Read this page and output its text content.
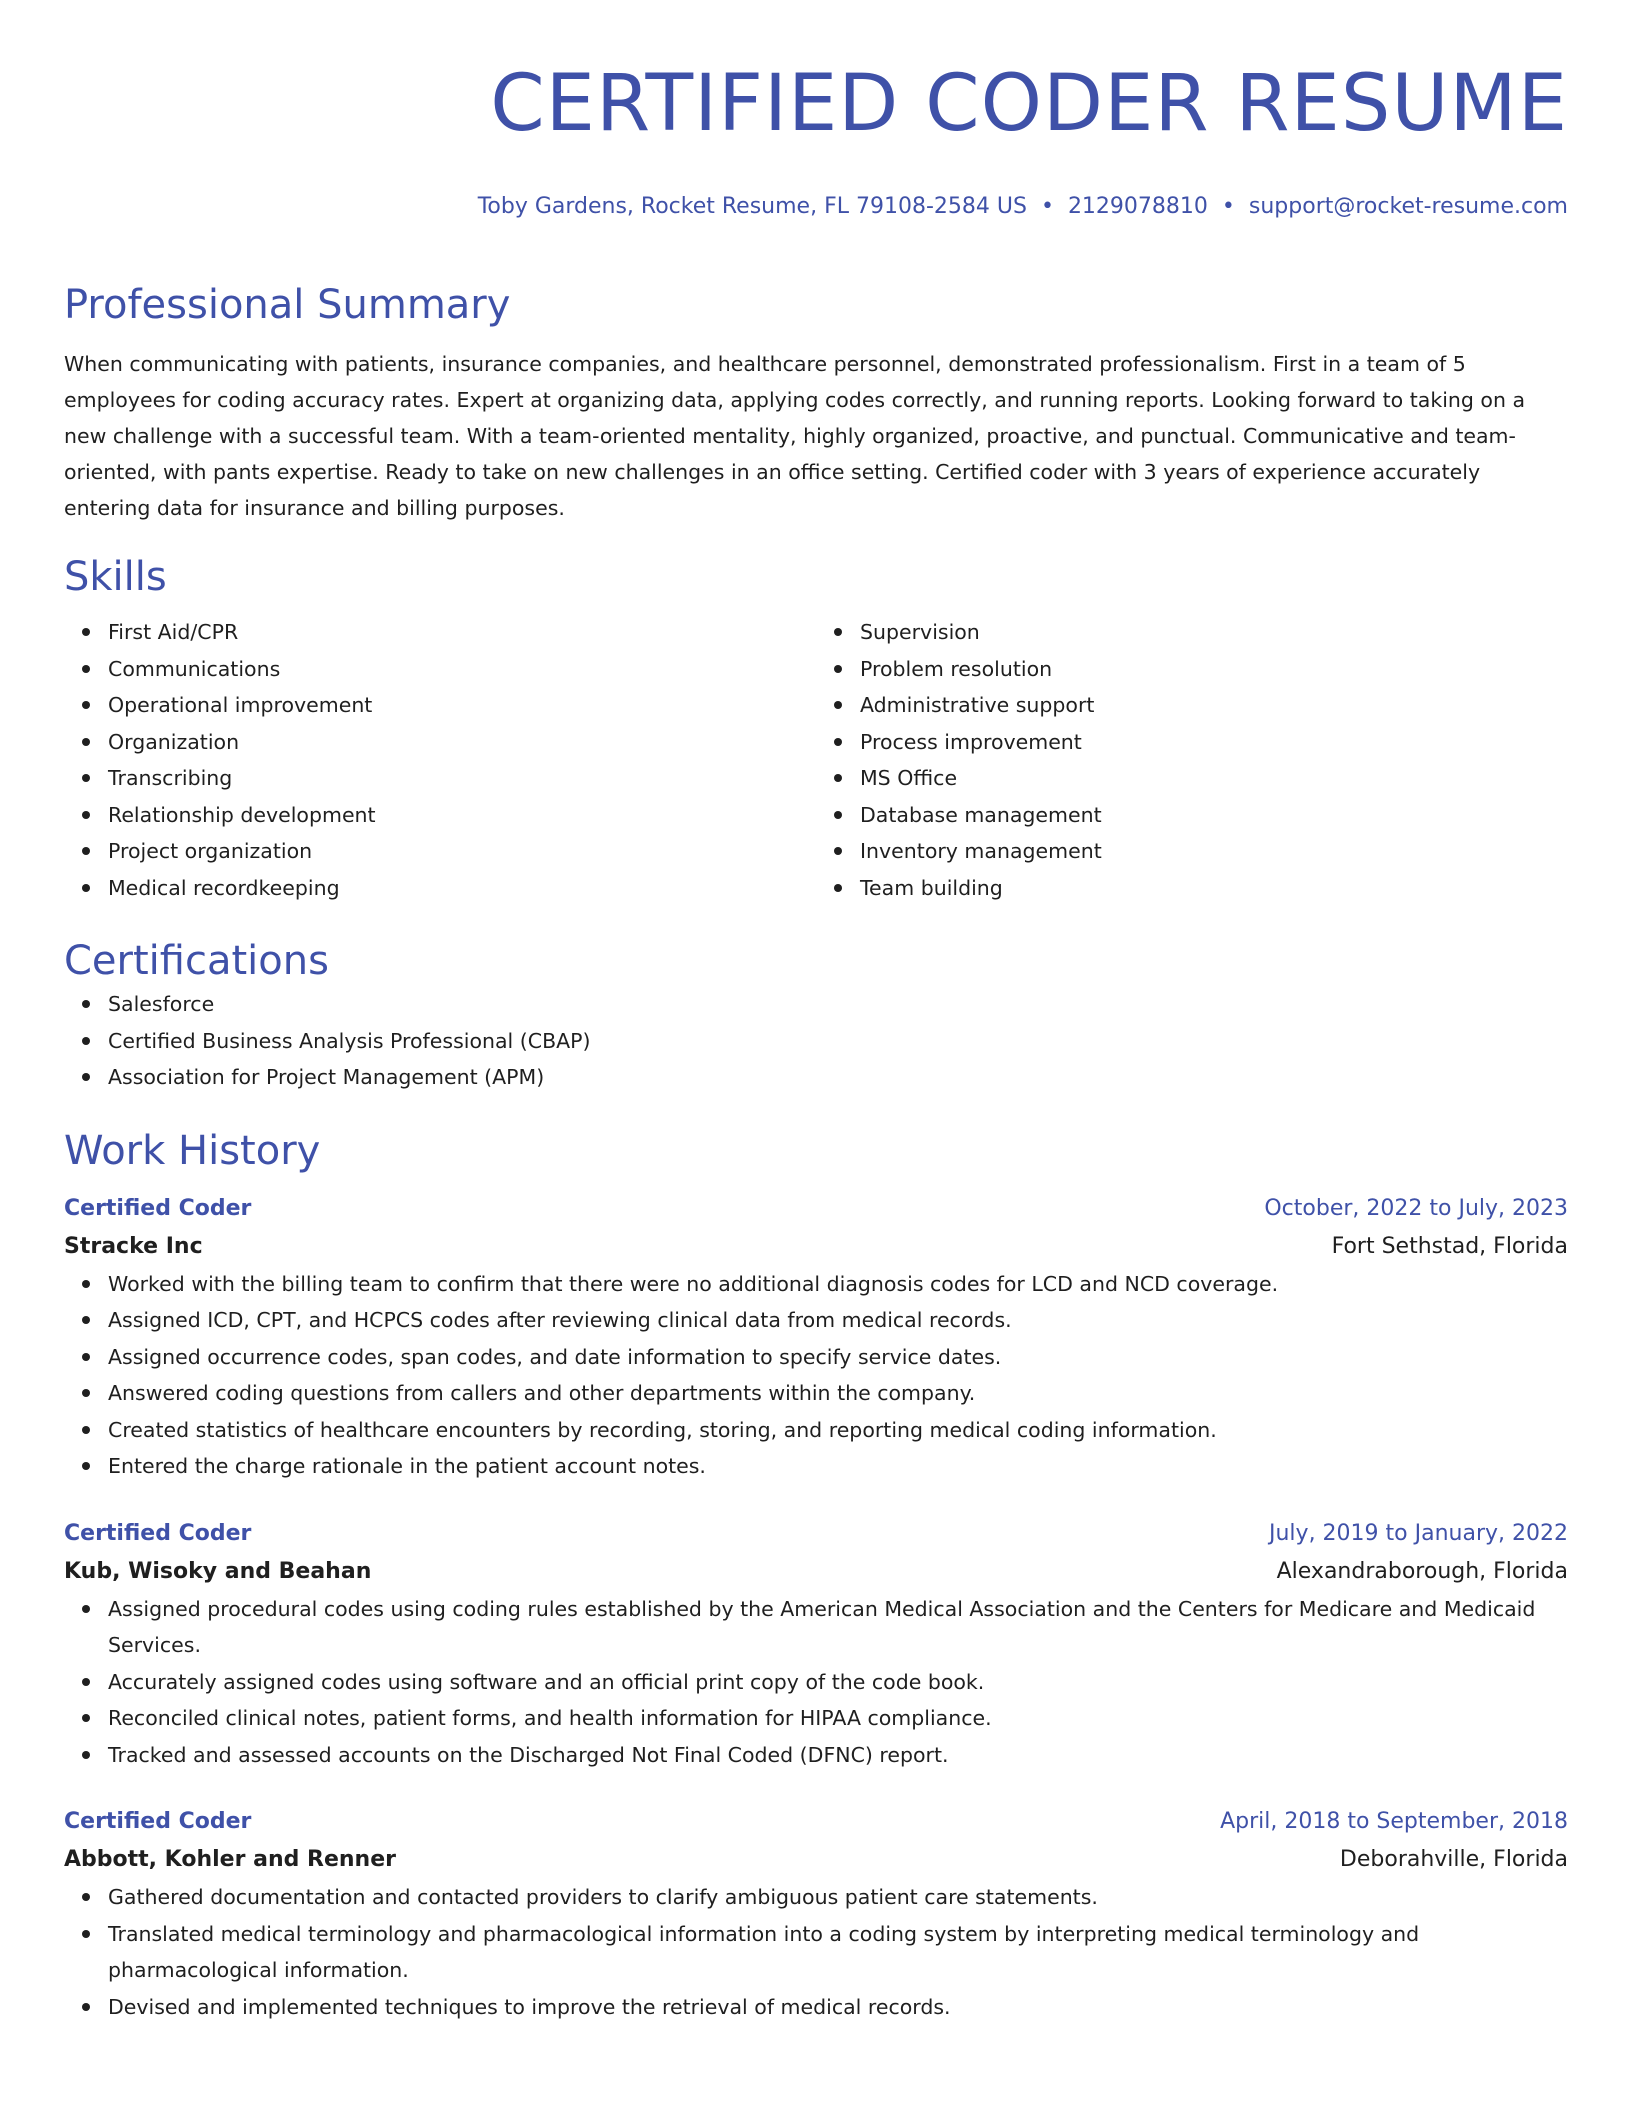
CERTIFIED CODER RESUME
Toby Gardens, Rocket Resume, FL 79108-2584 US • 2129078810 • support@rocket-resume.com
Professional Summary
When communicating with patients, insurance companies, and healthcare personnel, demonstrated professionalism. First in a team of 5 employees for coding accuracy rates. Expert at organizing data, applying codes correctly, and running reports. Looking forward to taking on a new challenge with a successful team. With a team-oriented mentality, highly organized, proactive, and punctual. Communicative and team-oriented, with pants expertise. Ready to take on new challenges in an office setting. Certified coder with 3 years of experience accurately entering data for insurance and billing purposes.
Skills
First Aid/CPR
Communications
Operational improvement
Organization
Transcribing
Relationship development
Project organization
Medical recordkeeping
Supervision
Problem resolution
Administrative support
Process improvement
MS Office
Database management
Inventory management
Team building
Certifications
Salesforce
Certified Business Analysis Professional (CBAP)
Association for Project Management (APM)
Work History
Certified Coder	October, 2022 to July, 2023
Stracke Inc	Fort Sethstad, Florida
Worked with the billing team to confirm that there were no additional diagnosis codes for LCD and NCD coverage.
Assigned ICD, CPT, and HCPCS codes after reviewing clinical data from medical records.
Assigned occurrence codes, span codes, and date information to specify service dates.
Answered coding questions from callers and other departments within the company.
Created statistics of healthcare encounters by recording, storing, and reporting medical coding information.
Entered the charge rationale in the patient account notes.
Certified Coder	July, 2019 to January, 2022
Kub, Wisoky and Beahan	Alexandraborough, Florida
Assigned procedural codes using coding rules established by the American Medical Association and the Centers for Medicare and Medicaid Services.
Accurately assigned codes using software and an official print copy of the code book.
Reconciled clinical notes, patient forms, and health information for HIPAA compliance.
Tracked and assessed accounts on the Discharged Not Final Coded (DFNC) report.
Certified Coder	April, 2018 to September, 2018
Abbott, Kohler and Renner	Deborahville, Florida
Gathered documentation and contacted providers to clarify ambiguous patient care statements.
Translated medical terminology and pharmacological information into a coding system by interpreting medical terminology and pharmacological information.
Devised and implemented techniques to improve the retrieval of medical records.
